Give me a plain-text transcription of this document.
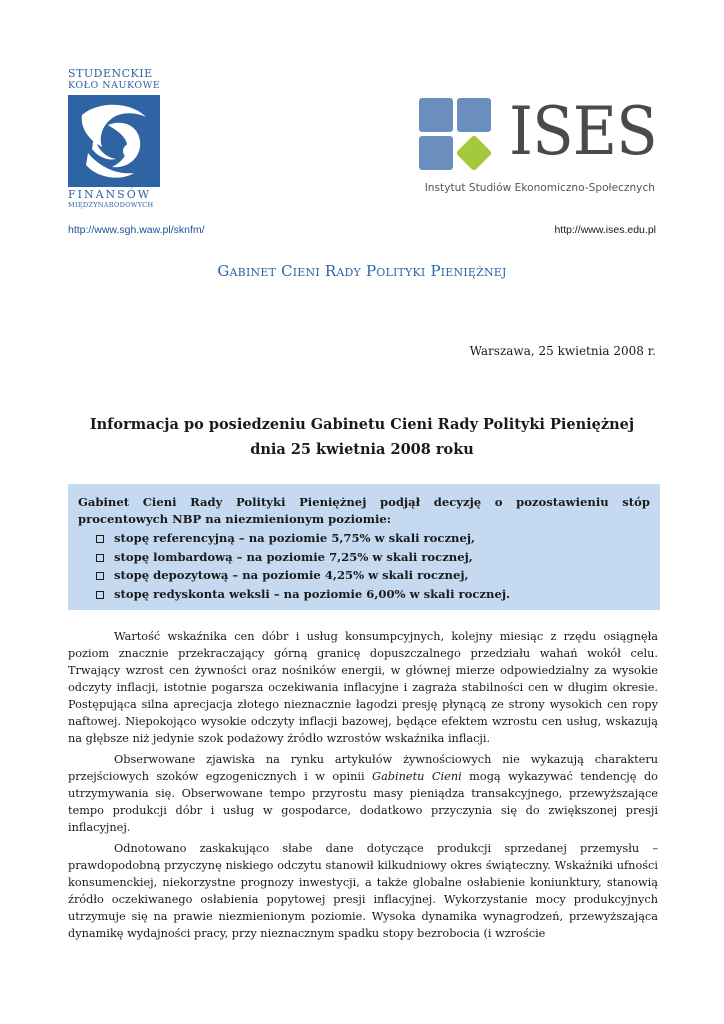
STUDENCKIE
KOŁO NAUKOWE
FINANSÓW
MIĘDZYNARODOWYCH
ISES
Instytut Studiów Ekonomiczno-Społecznych
http://www.sgh.waw.pl/sknfm/	http://www.ises.edu.pl
Gabinet Cieni Rady Polityki Pieniężnej
Warszawa, 25 kwietnia 2008 r.
Informacja po posiedzeniu Gabinetu Cieni Rady Polityki Pieniężnej
dnia 25 kwietnia 2008 roku

Gabinet Cieni Rady Polityki Pieniężnej podjął decyzję o pozostawieniu stóp procentowych NBP na niezmienionym poziomie:

stopę referencyjną – na poziomie 5,75% w skali rocznej,
stopę lombardową – na poziomie 7,25% w skali rocznej,
stopę depozytową – na poziomie 4,25% w skali rocznej,
stopę redyskonta weksli – na poziomie 6,00% w skali rocznej.

Wartość wskaźnika cen dóbr i usług konsumpcyjnych, kolejny miesiąc z rzędu osiągnęła poziom znacznie przekraczający górną granicę dopuszczalnego przedziału wahań wokół celu. Trwający wzrost cen żywności oraz nośników energii, w głównej mierze odpowiedzialny za wysokie odczyty inflacji, istotnie pogarsza oczekiwania inflacyjne i zagraża stabilności cen w długim okresie. Postępująca silna aprecjacja złotego nieznacznie łagodzi presję płynącą ze strony wysokich cen ropy naftowej. Niepokojąco wysokie odczyty inflacji bazowej, będące efektem wzrostu cen usług, wskazują na głębsze niż jedynie szok podażowy źródło wzrostów wskaźnika inflacji.

Obserwowane zjawiska na rynku artykułów żywnościowych nie wykazują charakteru przejściowych szoków egzogenicznych i w opinii Gabinetu Cieni mogą wykazywać tendencję do utrzymywania się. Obserwowane tempo przyrostu masy pieniądza transakcyjnego, przewyższające tempo produkcji dóbr i usług w gospodarce, dodatkowo przyczynia się do zwiększonej presji inflacyjnej.

Odnotowano zaskakująco słabe dane dotyczące produkcji sprzedanej przemysłu – prawdopodobną przyczynę niskiego odczytu stanowił kilkudniowy okres świąteczny. Wskaźniki ufności konsumenckiej, niekorzystne prognozy inwestycji, a także globalne osłabienie koniunktury, stanowią źródło oczekiwanego osłabienia popytowej presji inflacyjnej. Wykorzystanie mocy produkcyjnych utrzymuje się na prawie niezmienionym poziomie. Wysoka dynamika wynagrodzeń, przewyższająca dynamikę wydajności pracy, przy nieznacznym spadku stopy bezrobocia (i wzroście
